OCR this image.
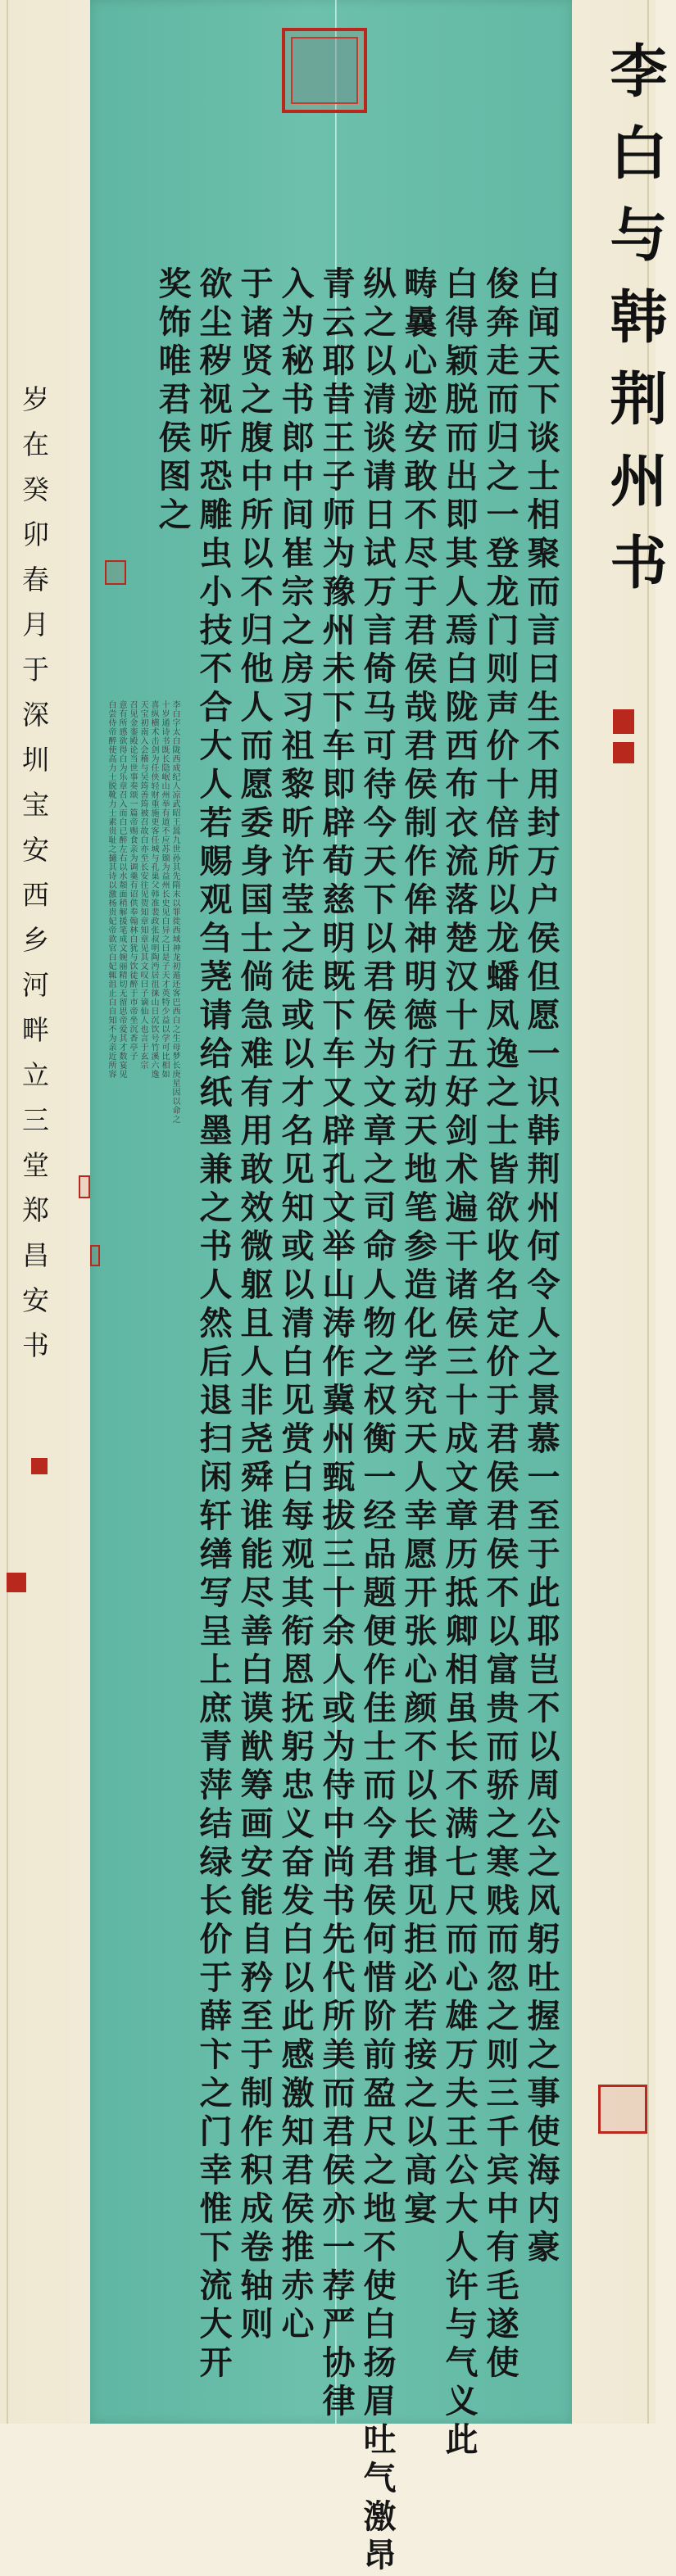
李白与韩荆州书
白闻天下谈士相聚而言曰生不用封万户侯但愿一识韩荆州何令人之景慕一至于此耶岂不以周公之风躬吐握之事使海内豪
俊奔走而归之一登龙门则声价十倍所以龙蟠凤逸之士皆欲收名定价于君侯君侯不以富贵而骄之寒贱而忽之则三千宾中有毛遂使
白得颖脱而出即其人焉白陇西布衣流落楚汉十五好剑术遍干诸侯三十成文章历抵卿相虽长不满七尺而心雄万夫王公大人许与气义此
畴曩心迹安敢不尽于君侯哉君侯制作侔神明德行动天地笔参造化学究天人幸愿开张心颜不以长揖见拒必若接之以高宴
纵之以清谈请日试万言倚马可待今天下以君侯为文章之司命人物之权衡一经品题便作佳士而今君侯何惜阶前盈尺之地不使白扬眉吐气激昂
青云耶昔王子师为豫州未下车即辟荀慈明既下车又辟孔文举山涛作冀州甄拔三十余人或为侍中尚书先代所美而君侯亦一荐严协律
入为秘书郎中间崔宗之房习祖黎昕许莹之徒或以才名见知或以清白见赏白每观其衔恩抚躬忠义奋发白以此感激知君侯推赤心
于诸贤之腹中所以不归他人而愿委身国士倘急难有用敢效微躯且人非尧舜谁能尽善白谟猷筹画安能自矜至于制作积成卷轴则
欲尘秽视听恐雕虫小技不合大人若赐观刍荛请给纸墨兼之书人然后退扫闲轩缮写呈上庶青萍结绿长价于薛卞之门幸惟下流大开
奖饰唯君侯图之
李白字太白陇西成纪人凉武昭王暠九世孙其先隋末以罪徙西域神龙初遁还客巴西白之生母梦长庚星因以命之
十岁通诗书既长隐岷山州举有道不应苏颋为益州长史见白异之曰是子天才英特少益以学可比相如
喜纵横术击剑为任侠轻财重施更客任城与孔巢父韩准裴政张叔明陶沔居徂徕山日沉饮号竹溪六逸
天宝初南入会稽与吴筠善筠被召故白亦至长安往见贺知章知章见其文叹曰子谪仙人也言于玄宗
召见金銮殿论当世事奏颂一篇帝赐食亲为调羹有诏供奉翰林白犹与饮徒醉于市帝坐沉香亭子
意有所感欲得白为乐章召入而白已醉左右以水頮面稍解援笔成文婉丽精切无留思帝爱其才数宴见
白尝侍帝醉使高力士脱靴力士素贵耻之擿其诗以激杨贵妃帝欲官白妃辄沮止白自知不为亲近所容
岁在癸卯春月于深圳宝安西乡河畔立三堂郑昌安书
